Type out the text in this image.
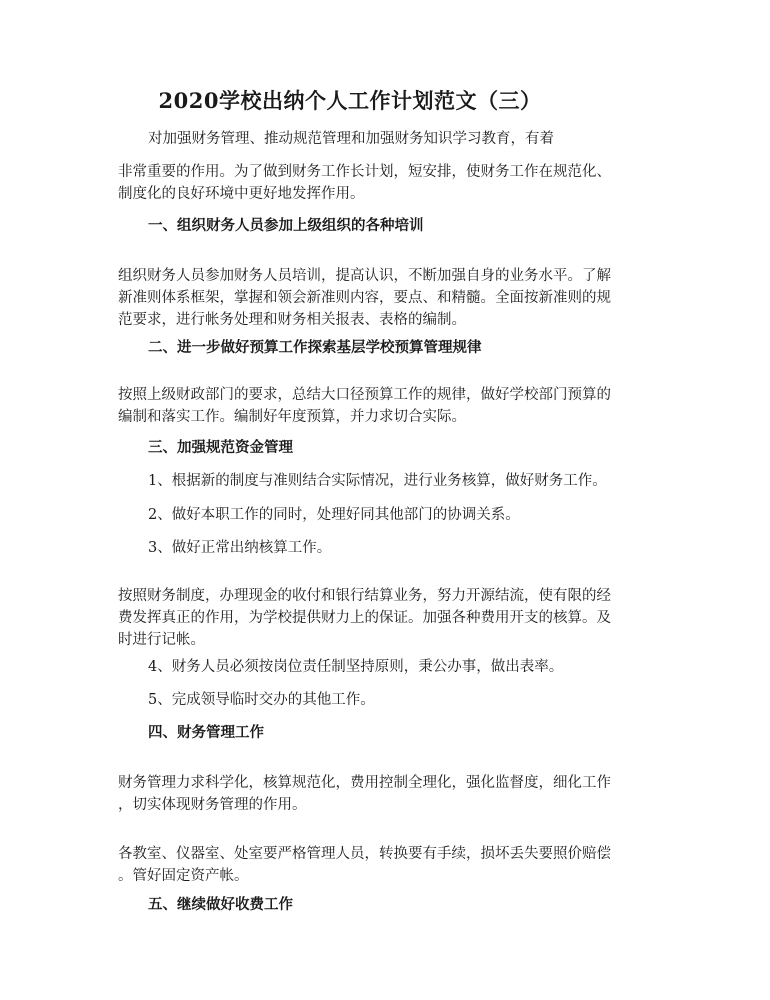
2020学校出纳个人工作计划范文（三）
对加强财务管理、推动规范管理和加强财务知识学习教育，有着
非常重要的作用。为了做到财务工作长计划，短安排，使财务工作在规范化、
制度化的良好环境中更好地发挥作用。
一、组织财务人员参加上级组织的各种培训
组织财务人员参加财务人员培训，提高认识，不断加强自身的业务水平。了解
新准则体系框架，掌握和领会新准则内容，要点、和精髓。全面按新准则的规
范要求，进行帐务处理和财务相关报表、表格的编制。
二、进一步做好预算工作探索基层学校预算管理规律
按照上级财政部门的要求，总结大口径预算工作的规律，做好学校部门预算的
编制和落实工作。编制好年度预算，并力求切合实际。
三、加强规范资金管理
1、根据新的制度与准则结合实际情况，进行业务核算，做好财务工作。
2、做好本职工作的同时，处理好同其他部门的协调关系。
3、做好正常出纳核算工作。
按照财务制度，办理现金的收付和银行结算业务，努力开源结流，使有限的经
费发挥真正的作用，为学校提供财力上的保证。加强各种费用开支的核算。及
时进行记帐。
4、财务人员必须按岗位责任制坚持原则，秉公办事，做出表率。
5、完成领导临时交办的其他工作。
四、财务管理工作
财务管理力求科学化，核算规范化，费用控制全理化，强化监督度，细化工作
，切实体现财务管理的作用。
各教室、仪器室、处室要严格管理人员，转换要有手续，损坏丢失要照价赔偿
。管好固定资产帐。
五、继续做好收费工作
